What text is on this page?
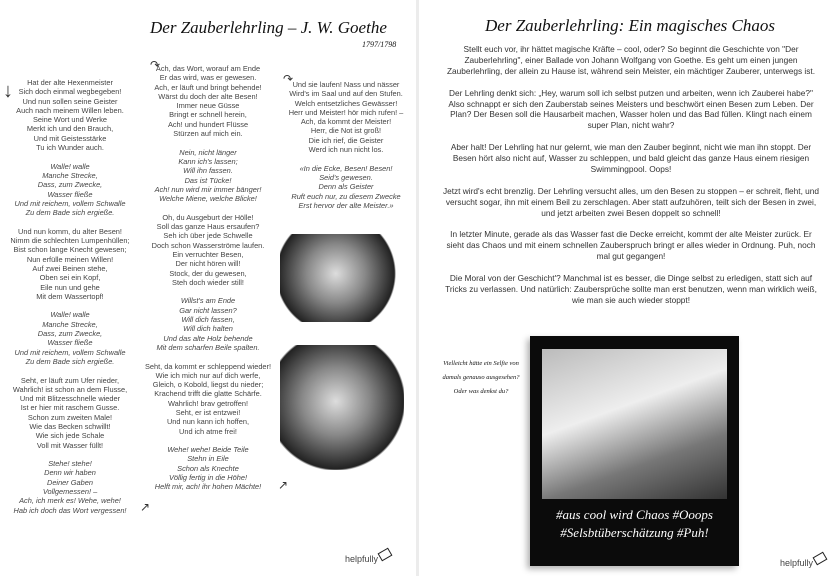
Der Zauberlehrling – J. W. Goethe
1797/1798

Hat der alte Hexenmeister
Sich doch einmal wegbegeben!
Und nun sollen seine Geister
Auch nach meinem Willen leben.
Seine Wort und Werke
Merkt ich und den Brauch,
Und mit Geistesstärke
Tu ich Wunder auch.

Walle! walle
Manche Strecke,
Dass, zum Zwecke,
Wasser fließe
Und mit reichem, vollem Schwalle
Zu dem Bade sich ergieße.

Und nun komm, du alter Besen!
Nimm die schlechten Lumpenhüllen;
Bist schon lange Knecht gewesen;
Nun erfülle meinen Willen!
Auf zwei Beinen stehe,
Oben sei ein Kopf,
Eile nun und gehe
Mit dem Wassertopf!

Walle! walle
Manche Strecke,
Dass, zum Zwecke,
Wasser fließe
Und mit reichem, vollem Schwalle
Zu dem Bade sich ergieße.

Seht, er läuft zum Ufer nieder,
Wahrlich! ist schon an dem Flusse,
Und mit Blitzesschnelle wieder
Ist er hier mit raschem Gusse.
Schon zum zweiten Male!
Wie das Becken schwillt!
Wie sich jede Schale
Voll mit Wasser füllt!

Stehe! stehe!
Denn wir haben
Deiner Gaben
Vollgemessen! –
Ach, ich merk es! Wehe, wehe!
Hab ich doch das Wort vergessen!

Ach, das Wort, worauf am Ende
Er das wird, was er gewesen.
Ach, er läuft und bringt behende!
Wärst du doch der alte Besen!
Immer neue Güsse
Bringt er schnell herein,
Ach! und hundert Flüsse
Stürzen auf mich ein.

Nein, nicht länger
Kann ich's lassen;
Will ihn fassen.
Das ist Tücke!
Ach! nun wird mir immer bänger!
Welche Miene, welche Blicke!

Oh, du Ausgeburt der Hölle!
Soll das ganze Haus ersaufen?
Seh ich über jede Schwelle
Doch schon Wasserströme laufen.
Ein verruchter Besen,
Der nicht hören will!
Stock, der du gewesen,
Steh doch wieder still!

Willst's am Ende
Gar nicht lassen?
Will dich fassen,
Will dich halten
Und das alte Holz behende
Mit dem scharfen Beile spalten.

Seht, da kommt er schleppend wieder!
Wie ich mich nur auf dich werfe,
Gleich, o Kobold, liegst du nieder;
Krachend trifft die glatte Schärfe.
Wahrlich! brav getroffen!
Seht, er ist entzwei!
Und nun kann ich hoffen,
Und ich atme frei!

Wehe! wehe! Beide Teile
Stehn in Eile
Schon als Knechte
Völlig fertig in die Höhe!
Helft mir, ach! ihr hohen Mächte!

Und sie laufen! Nass und nässer
Wird's im Saal und auf den Stufen.
Welch entsetzliches Gewässer!
Herr und Meister! hör mich rufen! –
Ach, da kommt der Meister!
Herr, die Not ist groß!
Die ich rief, die Geister
Werd ich nun nicht los.

«In die Ecke, Besen! Besen!
Seid's gewesen.
Denn als Geister
Ruft euch nur, zu diesem Zwecke
Erst hervor der alte Meister.»

↓
↷
↷
↗
↗
helpfully
Der Zauberlehrling: Ein magisches Chaos

Stellt euch vor, ihr hättet magische Kräfte – cool, oder? So beginnt die Geschichte von "Der Zauberlehrling", einer Ballade von Johann Wolfgang von Goethe. Es geht um einen jungen Zauberlehrling, der allein zu Hause ist, während sein Meister, ein mächtiger Zauberer, unterwegs ist.

Der Lehrling denkt sich: „Hey, warum soll ich selbst putzen und arbeiten, wenn ich Zauberei habe?" Also schnappt er sich den Zauberstab seines Meisters und beschwört einen Besen zum Leben. Der Plan? Der Besen soll die Hausarbeit machen, Wasser holen und das Bad füllen. Klingt nach einem super Plan, nicht wahr?

Aber halt! Der Lehrling hat nur gelernt, wie man den Zauber beginnt, nicht wie man ihn stoppt. Der Besen hört also nicht auf, Wasser zu schleppen, und bald gleicht das ganze Haus einem riesigen Swimmingpool. Oops!

Jetzt wird's echt brenzlig. Der Lehrling versucht alles, um den Besen zu stoppen – er schreit, fleht, und versucht sogar, ihn mit einem Beil zu zerschlagen. Aber statt aufzuhören, teilt sich der Besen in zwei, und jetzt arbeiten zwei Besen doppelt so schnell!

In letzter Minute, gerade als das Wasser fast die Decke erreicht, kommt der alte Meister zurück. Er sieht das Chaos und mit einem schnellen Zauberspruch bringt er alles wieder in Ordnung. Puh, noch mal gut gegangen!

Die Moral von der Geschicht'? Manchmal ist es besser, die Dinge selbst zu erledigen, statt sich auf Tricks zu verlassen. Und natürlich: Zaubersprüche sollte man erst benutzen, wenn man wirklich weiß, wie man sie auch wieder stoppt!

Vielleicht hätte ein Selfie von damals genauso ausgesehen? Oder was denkst du?
#aus cool wird Chaos #Ooops
#Selsbtüberschätzung #Puh!
helpfully
